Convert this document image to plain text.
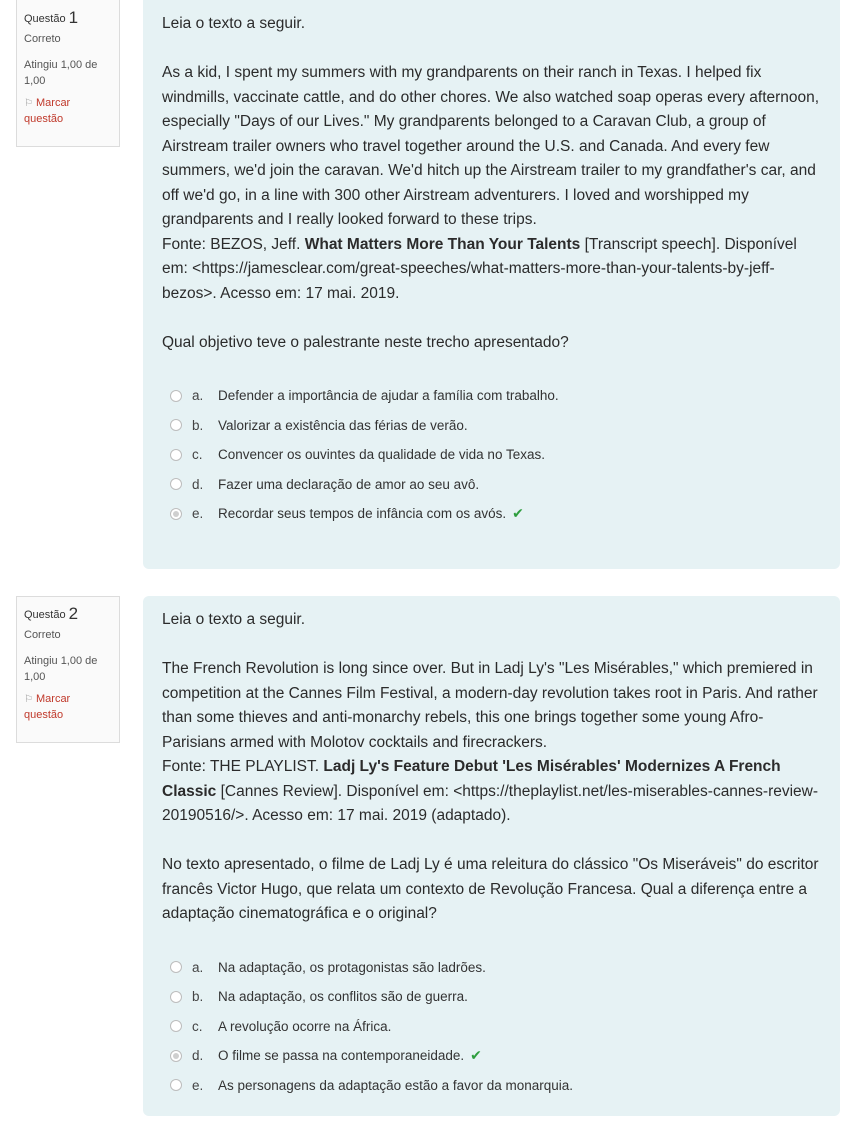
Questão 1
Correto
Atingiu 1,00 de 1,00
⚐ Marcar questão

Leia o texto a seguir.

As a kid, I spent my summers with my grandparents on their ranch in Texas. I helped fix windmills, vaccinate cattle, and do other chores. We also watched soap operas every afternoon, especially "Days of our Lives." My grandparents belonged to a Caravan Club, a group of Airstream trailer owners who travel together around the U.S. and Canada. And every few summers, we'd join the caravan. We'd hitch up the Airstream trailer to my grandfather's car, and off we'd go, in a line with 300 other Airstream adventurers. I loved and worshipped my grandparents and I really looked forward to these trips.

Fonte: BEZOS, Jeff. What Matters More Than Your Talents [Transcript speech]. Disponível em: <https://jamesclear.com/great-speeches/what-matters-more-than-your-talents-by-jeff-bezos>. Acesso em: 17 mai. 2019.

Qual objetivo teve o palestrante neste trecho apresentado?

a.	Defender a importância de ajudar a família com trabalho.
b.	Valorizar a existência das férias de verão.
c.	Convencer os ouvintes da qualidade de vida no Texas.
d.	Fazer uma declaração de amor ao seu avô.
e.	Recordar seus tempos de infância com os avós. ✔
Questão 2
Correto
Atingiu 1,00 de 1,00
⚐ Marcar questão

Leia o texto a seguir.

The French Revolution is long since over. But in Ladj Ly's "Les Misérables," which premiered in competition at the Cannes Film Festival, a modern-day revolution takes root in Paris. And rather than some thieves and anti-monarchy rebels, this one brings together some young Afro-Parisians armed with Molotov cocktails and firecrackers.

Fonte: THE PLAYLIST. Ladj Ly's Feature Debut 'Les Misérables' Modernizes A French Classic [Cannes Review]. Disponível em: <https://theplaylist.net/les-miserables-cannes-review-20190516/>. Acesso em: 17 mai. 2019 (adaptado).

No texto apresentado, o filme de Ladj Ly é uma releitura do clássico "Os Miseráveis" do escritor francês Victor Hugo, que relata um contexto de Revolução Francesa. Qual a diferença entre a adaptação cinematográfica e o original?

a.	Na adaptação, os protagonistas são ladrões.
b.	Na adaptação, os conflitos são de guerra.
c.	A revolução ocorre na África.
d.	O filme se passa na contemporaneidade. ✔
e.	As personagens da adaptação estão a favor da monarquia.
